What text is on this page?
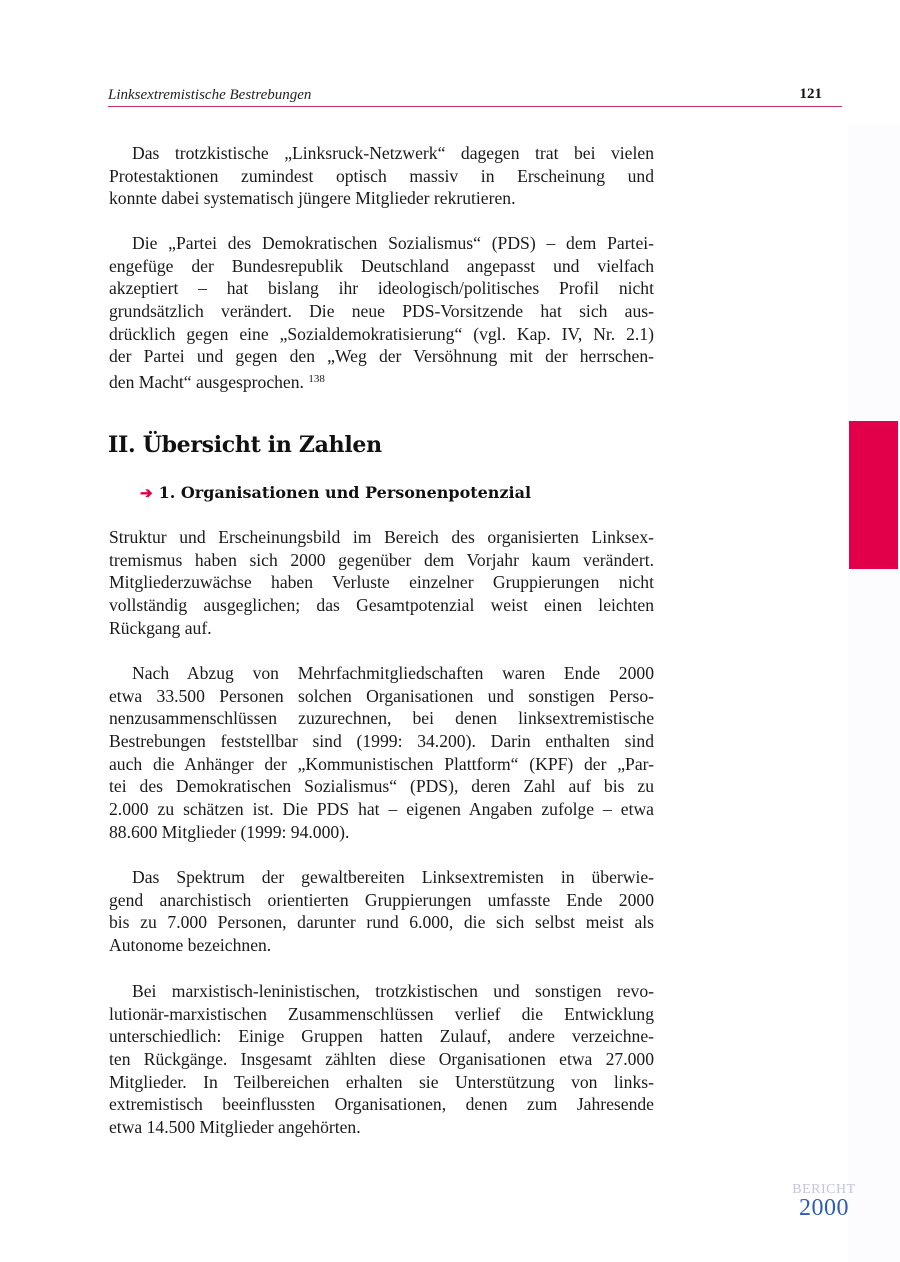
Linksextremistische Bestrebungen	121
Das trotzkistische „Linksruck-Netzwerk“ dagegen trat bei vielen
Protestaktionen zumindest optisch massiv in Erscheinung und
konnte dabei systematisch jüngere Mitglieder rekrutieren.
Die „Partei des Demokratischen Sozialismus“ (PDS) – dem Partei-
engefüge der Bundesrepublik Deutschland angepasst und vielfach
akzeptiert – hat bislang ihr ideologisch/politisches Profil nicht
grundsätzlich verändert. Die neue PDS-Vorsitzende hat sich aus-
drücklich gegen eine „Sozialdemokratisierung“ (vgl. Kap. IV, Nr. 2.1)
der Partei und gegen den „Weg der Versöhnung mit der herrschen-
den Macht“ ausgesprochen. $^{138}$
II. Übersicht in Zahlen
➔ 1. Organisationen und Personenpotenzial
Struktur und Erscheinungsbild im Bereich des organisierten Linksex-
tremismus haben sich 2000 gegenüber dem Vorjahr kaum verändert.
Mitgliederzuwächse haben Verluste einzelner Gruppierungen nicht
vollständig ausgeglichen; das Gesamtpotenzial weist einen leichten
Rückgang auf.
Nach Abzug von Mehrfachmitgliedschaften waren Ende 2000
etwa 33.500 Personen solchen Organisationen und sonstigen Perso-
nenzusammenschlüssen zuzurechnen, bei denen linksextremistische
Bestrebungen feststellbar sind (1999: 34.200). Darin enthalten sind
auch die Anhänger der „Kommunistischen Plattform“ (KPF) der „Par-
tei des Demokratischen Sozialismus“ (PDS), deren Zahl auf bis zu
2.000 zu schätzen ist. Die PDS hat – eigenen Angaben zufolge – etwa
88.600 Mitglieder (1999: 94.000).
Das Spektrum der gewaltbereiten Linksextremisten in überwie-
gend anarchistisch orientierten Gruppierungen umfasste Ende 2000
bis zu 7.000 Personen, darunter rund 6.000, die sich selbst meist als
Autonome bezeichnen.
Bei marxistisch-leninistischen, trotzkistischen und sonstigen revo-
lutionär-marxistischen Zusammenschlüssen verlief die Entwicklung
unterschiedlich: Einige Gruppen hatten Zulauf, andere verzeichne-
ten Rückgänge. Insgesamt zählten diese Organisationen etwa 27.000
Mitglieder. In Teilbereichen erhalten sie Unterstützung von links-
extremistisch beeinflussten Organisationen, denen zum Jahresende
etwa 14.500 Mitglieder angehörten.
BERICHT
2000
